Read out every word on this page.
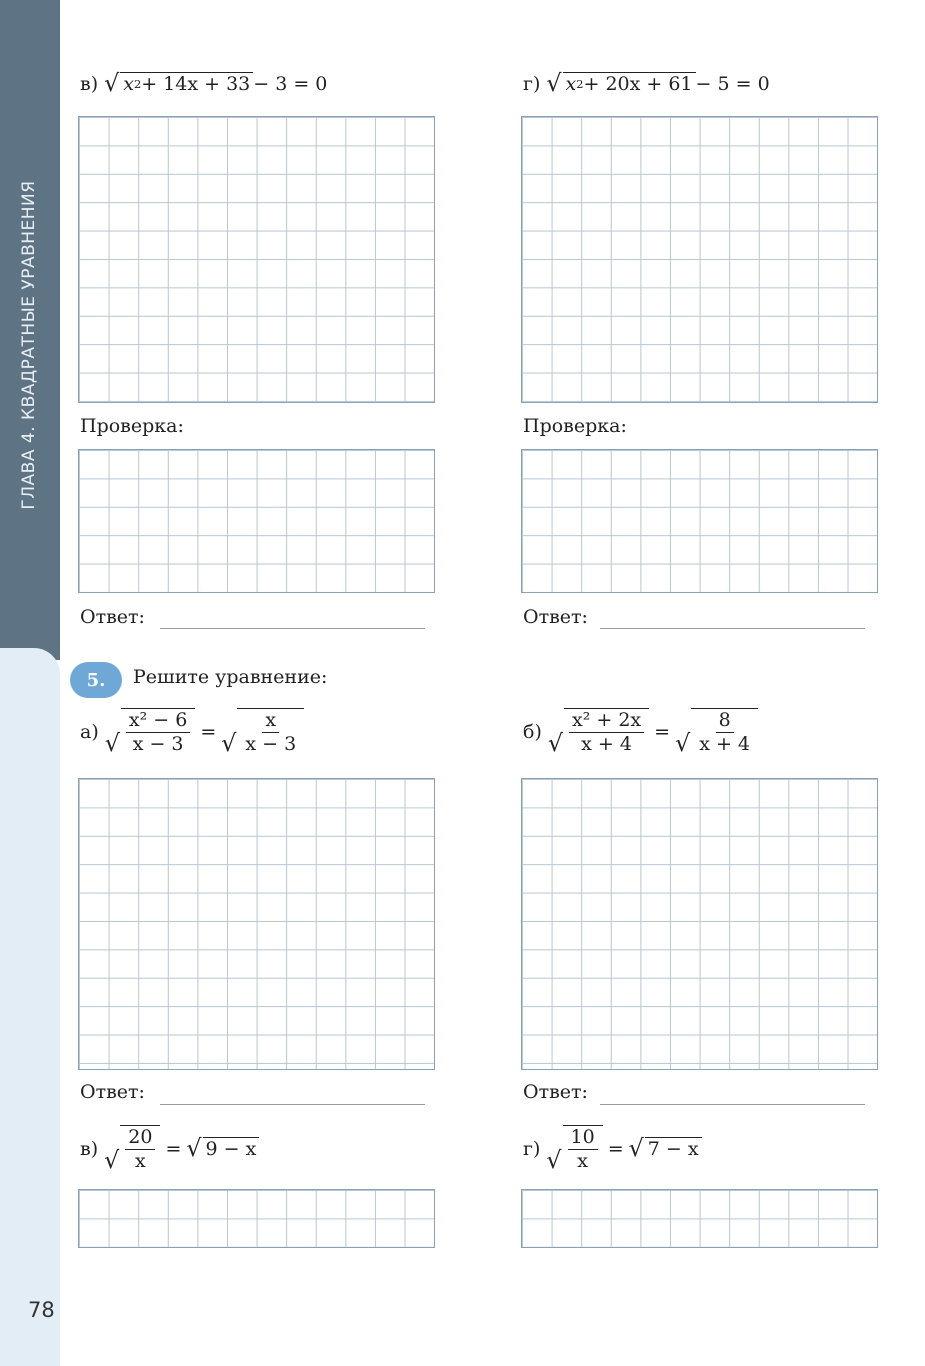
ГЛАВА 4. КВАДРАТНЫЕ УРАВНЕНИЯ
78
в) √ x 2 + 14x + 33 − 3 = 0	г) √ x 2 + 20x + 61 − 5 = 0
Проверка:	Проверка:
Ответ:	Ответ:
5.	Решите уравнение:
а) √ $\frac{\text{x² − 6}}{x - 3}$ = √ $\frac{x}{x - 3}$	б) √ $\frac{\text{x² + 2x}}{x + 4}$ = √ $\frac{8}{x + 4}$
Ответ:	Ответ:
в) √ $\frac{20}{x}$ = √ 9 − x	г) √ $\frac{10}{x}$ = √ 7 − x
